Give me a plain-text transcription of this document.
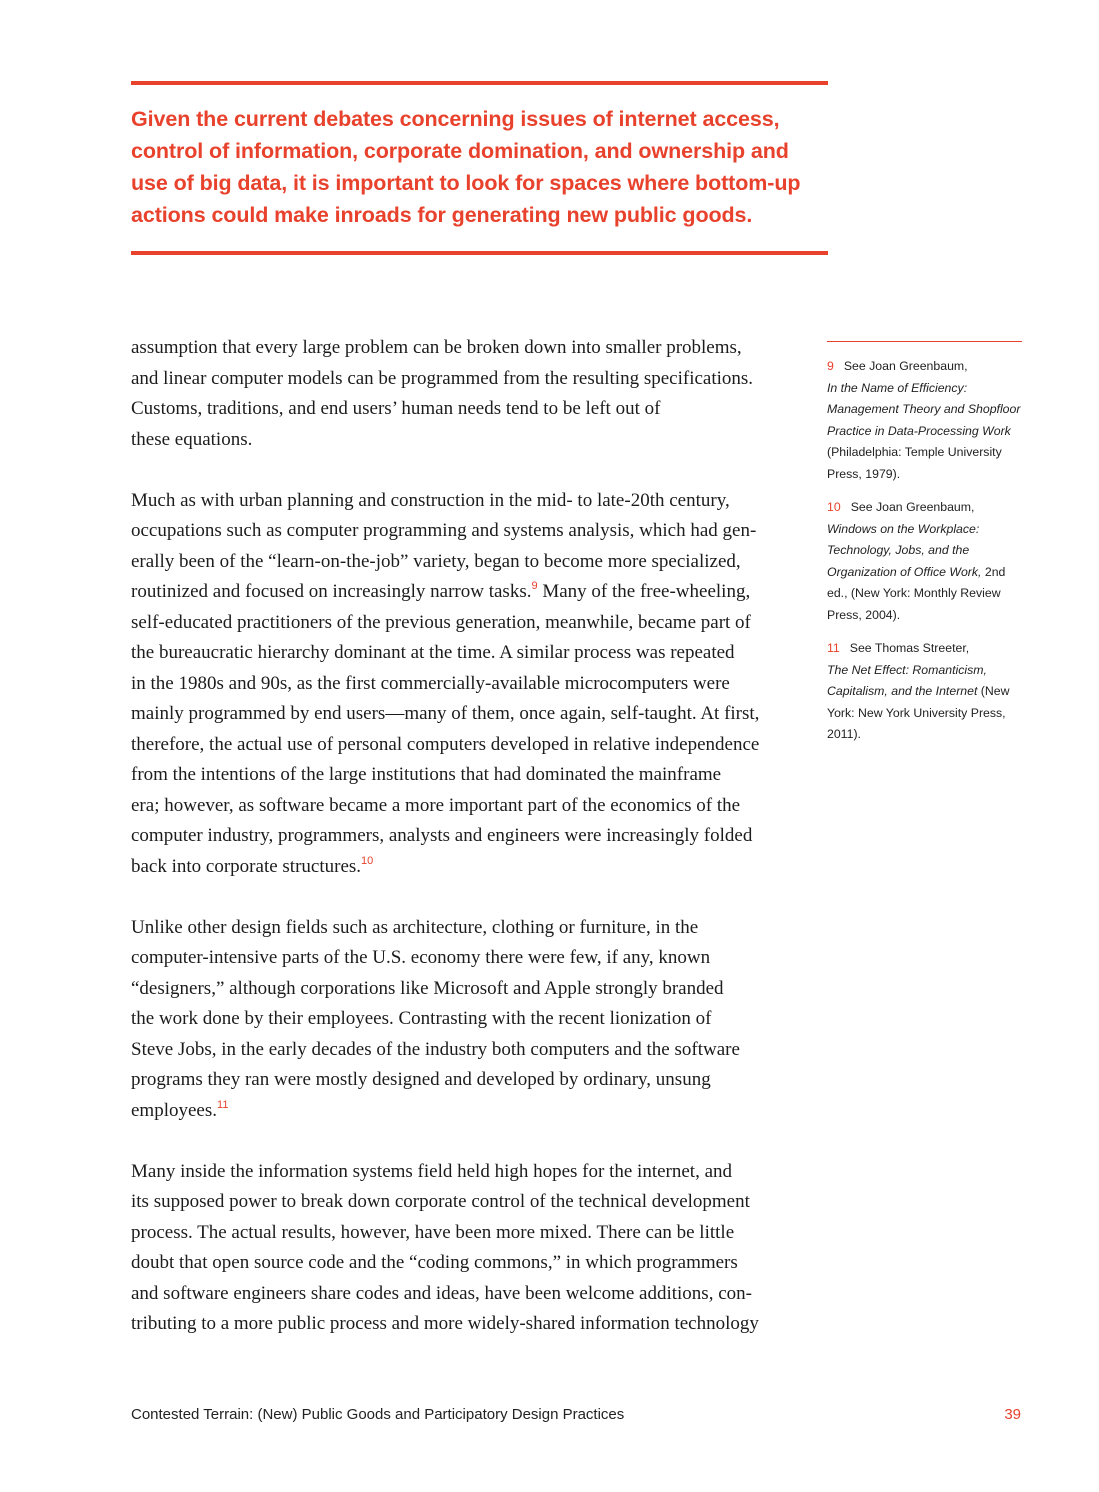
Given the current debates concerning issues of internet access, control of information, corporate domination, and ownership and use of big data, it is important to look for spaces where bottom-up actions could make inroads for generating new public goods.

assumption that every large problem can be broken down into smaller problems,
and linear computer models can be programmed from the resulting specifications.
Customs, traditions, and end users’ human needs tend to be left out of
these equations.

Much as with urban planning and construction in the mid- to late-20th century,
occupations such as computer programming and systems analysis, which had gen-
erally been of the “learn-on-the-job” variety, began to become more specialized,
routinized and focused on increasingly narrow tasks.$^9$ Many of the free-wheeling,
self-educated practitioners of the previous generation, meanwhile, became part of
the bureaucratic hierarchy dominant at the time. A similar process was repeated
in the 1980s and 90s, as the first commercially-available microcomputers were
mainly programmed by end users—many of them, once again, self-taught. At first,
therefore, the actual use of personal computers developed in relative independence
from the intentions of the large institutions that had dominated the mainframe
era; however, as software became a more important part of the economics of the
computer industry, programmers, analysts and engineers were increasingly folded
back into corporate structures.$^{10}$

Unlike other design fields such as architecture, clothing or furniture, in the
computer-intensive parts of the U.S. economy there were few, if any, known
“designers,” although corporations like Microsoft and Apple strongly branded
the work done by their employees. Contrasting with the recent lionization of
Steve Jobs, in the early decades of the industry both computers and the software
programs they ran were mostly designed and developed by ordinary, unsung
employees.$^{11}$

Many inside the information systems field held high hopes for the internet, and
its supposed power to break down corporate control of the technical development
process. The actual results, however, have been more mixed. There can be little
doubt that open source code and the “coding commons,” in which programmers
and software engineers share codes and ideas, have been welcome additions, con-
tributing to a more public process and more widely-shared information technology

9 See Joan Greenbaum,
In the Name of Efficiency: Management Theory and Shopfloor Practice in Data-Processing Work (Philadelphia: Temple University Press, 1979).
10 See Joan Greenbaum,
Windows on the Workplace: Technology, Jobs, and the Organization of Office Work, 2nd ed., (New York: Monthly Review Press, 2004).
11 See Thomas Streeter,
The Net Effect: Romanticism, Capitalism, and the Internet (New York: New York University Press, 2011).
Contested Terrain: (New) Public Goods and Participatory Design Practices	39
